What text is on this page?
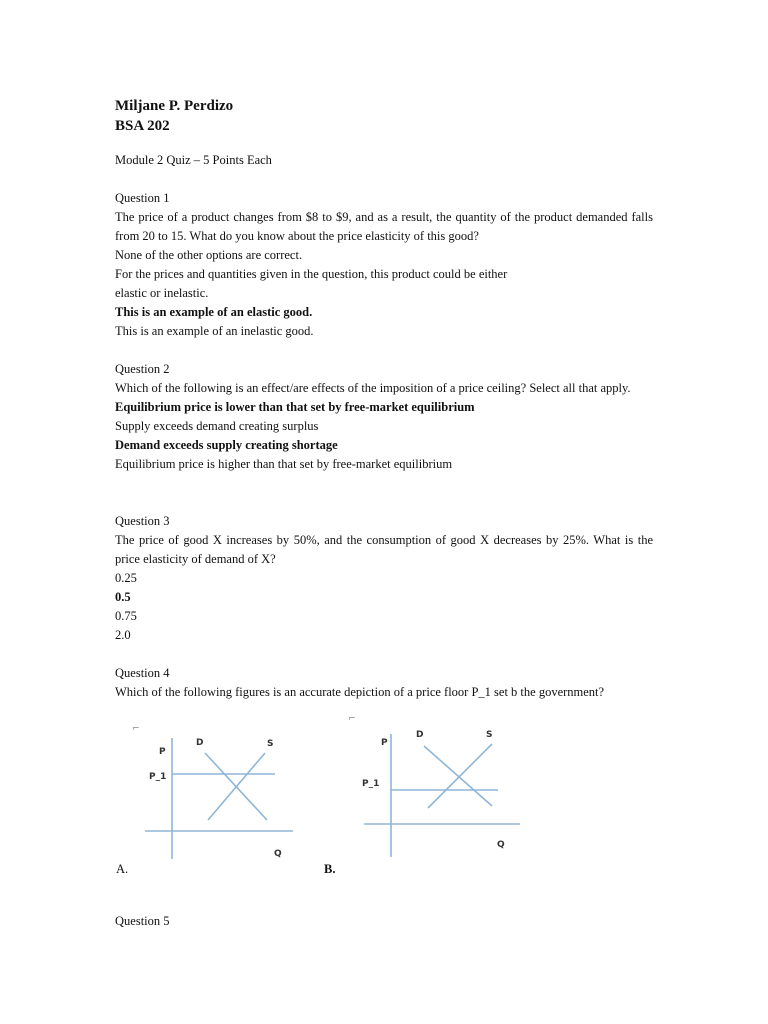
Miljane P. Perdizo
BSA 202
Module 2 Quiz – 5 Points Each
Question 1
The price of a product changes from $8 to $9, and as a result, the quantity of the product demanded falls from 20 to 15. What do you know about the price elasticity of this good?
None of the other options are correct.
For the prices and quantities given in the question, this product could be either
elastic or inelastic.
This is an example of an elastic good.
This is an example of an inelastic good.
Question 2
Which of the following is an effect/are effects of the imposition of a price ceiling? Select all that apply.
Equilibrium price is lower than that set by free-market equilibrium
Supply exceeds demand creating surplus
Demand exceeds supply creating shortage
Equilibrium price is higher than that set by free-market equilibrium
Question 3
The price of good X increases by 50%, and the consumption of good X decreases by 25%. What is the price elasticity of demand of X?
0.25
0.5
0.75
2.0
Question 4
Which of the following figures is an accurate depiction of a price floor P_1 set b the government?
⌐
P
D	S
P_1
Q
A.
⌐
P
D	S
P_1
Q
B.
Question 5
